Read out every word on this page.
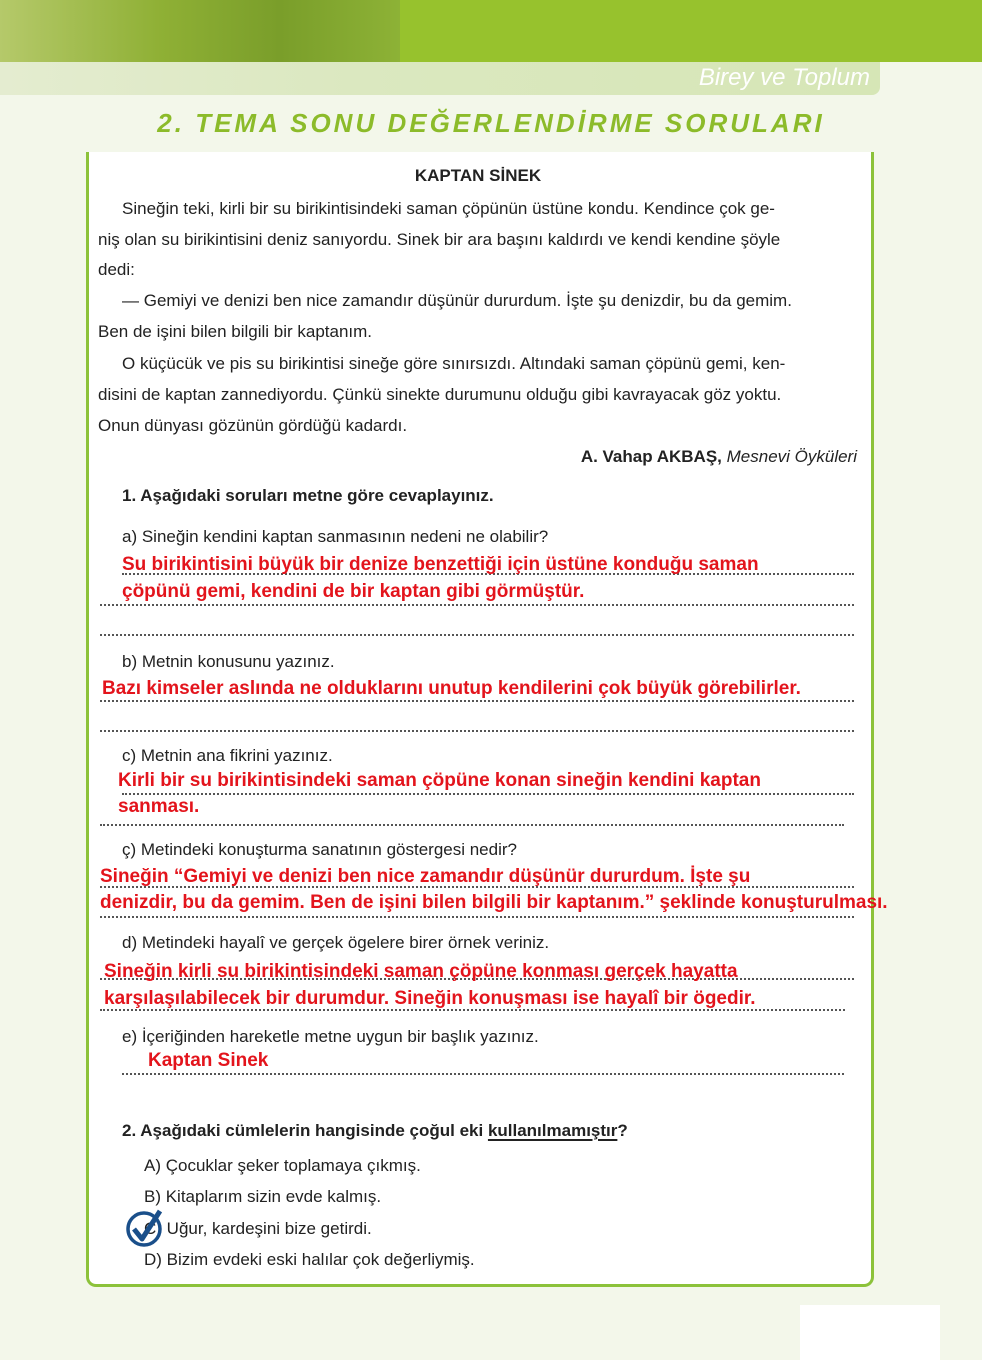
Birey ve Toplum
2. TEMA SONU DEĞERLENDİRME SORULARI
KAPTAN SİNEK
Sineğin teki, kirli bir su birikintisindeki saman çöpünün üstüne kondu. Kendince çok ge-
niş olan su birikintisini deniz sanıyordu. Sinek bir ara başını kaldırdı ve kendi kendine şöyle
dedi:
— Gemiyi ve denizi ben nice zamandır düşünür dururdum. İşte şu denizdir, bu da gemim.
Ben de işini bilen bilgili bir kaptanım.
O küçücük ve pis su birikintisi sineğe göre sınırsızdı. Altındaki saman çöpünü gemi, ken-
disini de kaptan zannediyordu. Çünkü sinekte durumunu olduğu gibi kavrayacak göz yoktu.
Onun dünyası gözünün gördüğü kadardı.
A. Vahap AKBAŞ, Mesnevi Öyküleri
1. Aşağıdaki soruları metne göre cevaplayınız.
a) Sineğin kendini kaptan sanmasının nedeni ne olabilir?
Su birikintisini büyük bir denize benzettiği için üstüne konduğu saman
çöpünü gemi, kendini de bir kaptan gibi görmüştür.
b) Metnin konusunu yazınız.
Bazı kimseler aslında ne olduklarını unutup kendilerini çok büyük görebilirler.
c) Metnin ana fikrini yazınız.
Kirli bir su birikintisindeki saman çöpüne konan sineğin kendini kaptan
sanması.
ç) Metindeki konuşturma sanatının göstergesi nedir?
Sineğin “Gemiyi ve denizi ben nice zamandır düşünür dururdum. İşte şu
denizdir, bu da gemim. Ben de işini bilen bilgili bir kaptanım.” şeklinde konuşturulması.
d) Metindeki hayalî ve gerçek ögelere birer örnek veriniz.
Sineğin kirli su birikintisindeki saman çöpüne konması gerçek hayatta
karşılaşılabilecek bir durumdur. Sineğin konuşması ise hayalî bir ögedir.
e) İçeriğinden hareketle metne uygun bir başlık yazınız.
Kaptan Sinek
2. Aşağıdaki cümlelerin hangisinde çoğul eki kullanılmamıştır?
A) Çocuklar şeker toplamaya çıkmış.
B) Kitaplarım sizin evde kalmış.
C) Uğur, kardeşini bize getirdi.
D) Bizim evdeki eski halılar çok değerliymiş.
